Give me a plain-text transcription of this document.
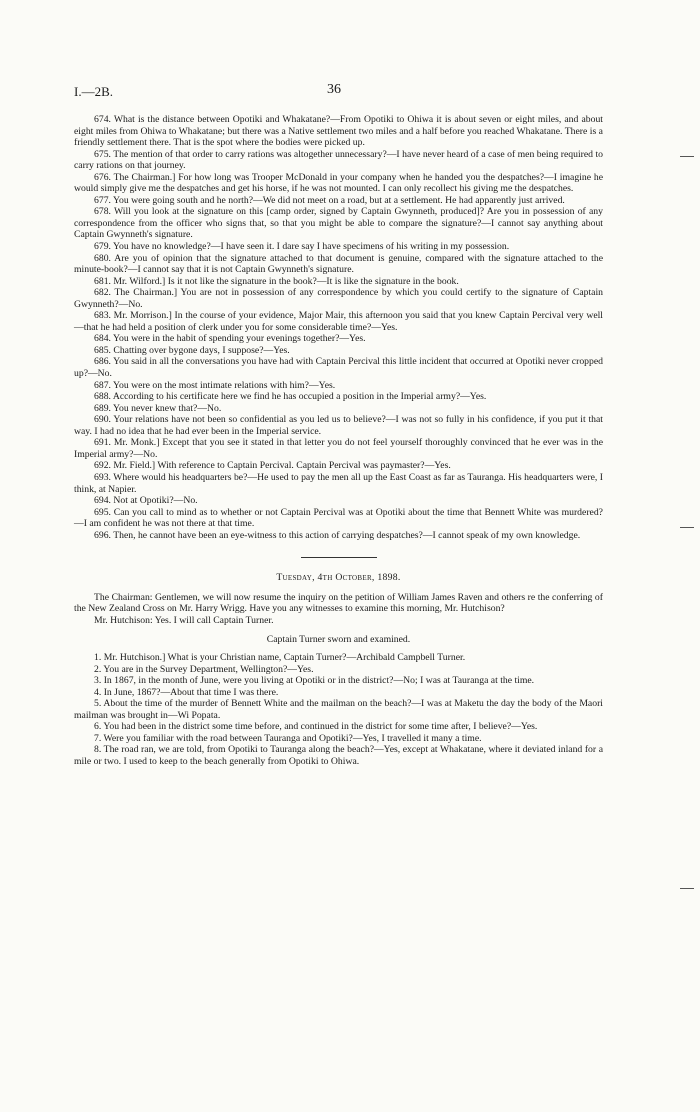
I.—2B.	36

674. What is the distance between Opotiki and Whakatane?—From Opotiki to Ohiwa it is about seven or eight miles, and about eight miles from Ohiwa to Whakatane; but there was a Native settlement two miles and a half before you reached Whakatane. There is a friendly settlement there. That is the spot where the bodies were picked up.

675. The mention of that order to carry rations was altogether unnecessary?—I have never heard of a case of men being required to carry rations on that journey.

676. The Chairman.] For how long was Trooper McDonald in your company when he handed you the despatches?—I imagine he would simply give me the despatches and get his horse, if he was not mounted. I can only recollect his giving me the despatches.

677. You were going south and he north?—We did not meet on a road, but at a settlement. He had apparently just arrived.

678. Will you look at the signature on this [camp order, signed by Captain Gwynneth, produced]? Are you in possession of any correspondence from the officer who signs that, so that you might be able to compare the signature?—I cannot say anything about Captain Gwynneth's signature.

679. You have no knowledge?—I have seen it. I dare say I have specimens of his writing in my possession.

680. Are you of opinion that the signature attached to that document is genuine, compared with the signature attached to the minute-book?—I cannot say that it is not Captain Gwynneth's signature.

681. Mr. Wilford.] Is it not like the signature in the book?—It is like the signature in the book.

682. The Chairman.] You are not in possession of any correspondence by which you could certify to the signature of Captain Gwynneth?—No.

683. Mr. Morrison.] In the course of your evidence, Major Mair, this afternoon you said that you knew Captain Percival very well—that he had held a position of clerk under you for some considerable time?—Yes.

684. You were in the habit of spending your evenings together?—Yes.

685. Chatting over bygone days, I suppose?—Yes.

686. You said in all the conversations you have had with Captain Percival this little incident that occurred at Opotiki never cropped up?—No.

687. You were on the most intimate relations with him?—Yes.

688. According to his certificate here we find he has occupied a position in the Imperial army?—Yes.

689. You never knew that?—No.

690. Your relations have not been so confidential as you led us to believe?—I was not so fully in his confidence, if you put it that way. I had no idea that he had ever been in the Imperial service.

691. Mr. Monk.] Except that you see it stated in that letter you do not feel yourself thoroughly convinced that he ever was in the Imperial army?—No.

692. Mr. Field.] With reference to Captain Percival. Captain Percival was paymaster?—Yes.

693. Where would his headquarters be?—He used to pay the men all up the East Coast as far as Tauranga. His headquarters were, I think, at Napier.

694. Not at Opotiki?—No.

695. Can you call to mind as to whether or not Captain Percival was at Opotiki about the time that Bennett White was murdered?—I am confident he was not there at that time.

696. Then, he cannot have been an eye-witness to this action of carrying despatches?—I cannot speak of my own knowledge.

Tuesday, 4th October, 1898.

The Chairman: Gentlemen, we will now resume the inquiry on the petition of William James Raven and others re the conferring of the New Zealand Cross on Mr. Harry Wrigg. Have you any witnesses to examine this morning, Mr. Hutchison?

Mr. Hutchison: Yes. I will call Captain Turner.

Captain Turner sworn and examined.

1. Mr. Hutchison.] What is your Christian name, Captain Turner?—Archibald Campbell Turner.

2. You are in the Survey Department, Wellington?—Yes.

3. In 1867, in the month of June, were you living at Opotiki or in the district?—No; I was at Tauranga at the time.

4. In June, 1867?—About that time I was there.

5. About the time of the murder of Bennett White and the mailman on the beach?—I was at Maketu the day the body of the Maori mailman was brought in—Wi Popata.

6. You had been in the district some time before, and continued in the district for some time after, I believe?—Yes.

7. Were you familiar with the road between Tauranga and Opotiki?—Yes, I travelled it many a time.

8. The road ran, we are told, from Opotiki to Tauranga along the beach?—Yes, except at Whakatane, where it deviated inland for a mile or two. I used to keep to the beach generally from Opotiki to Ohiwa.
